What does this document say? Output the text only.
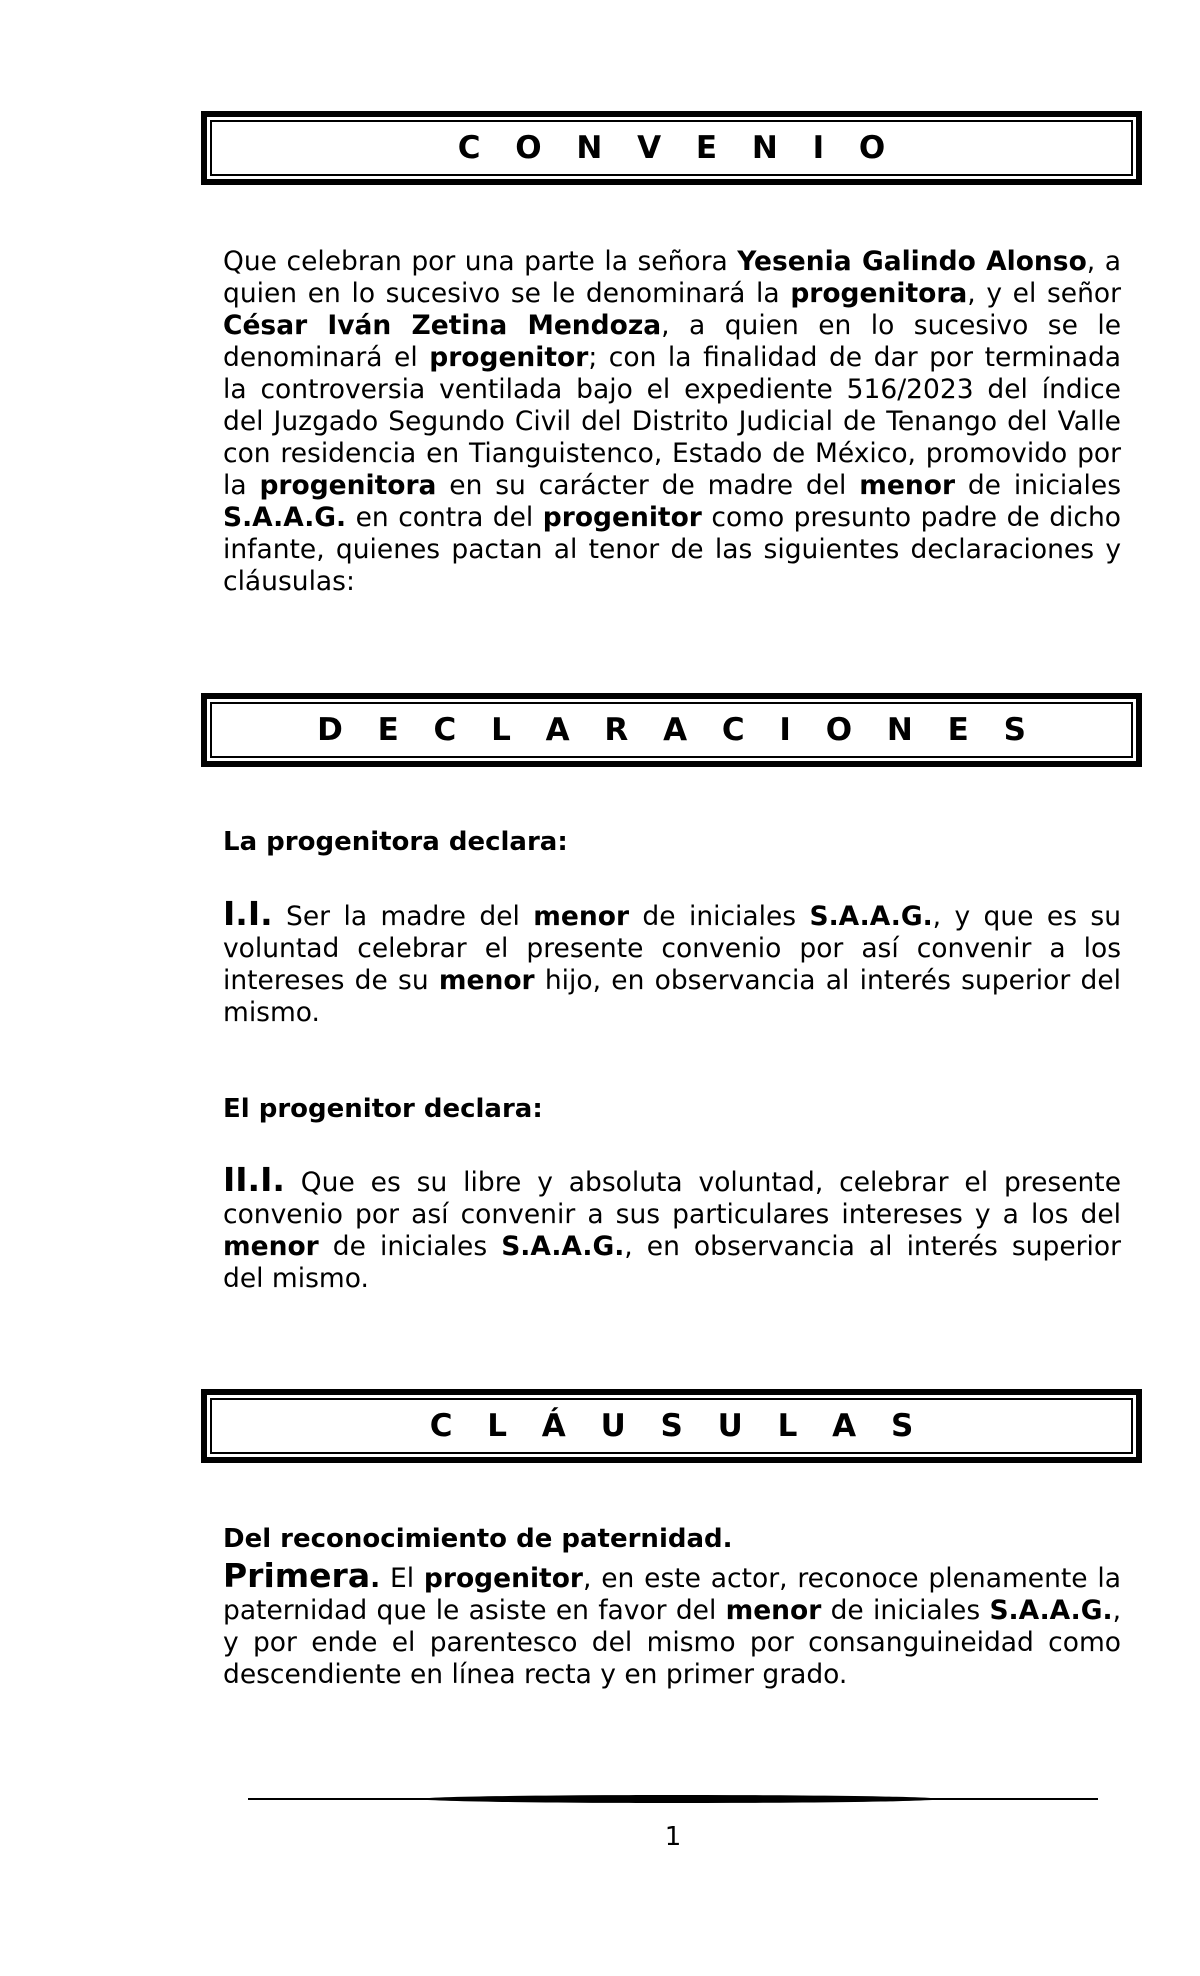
C O N V E N I O

Que celebran por una parte la señora Yesenia Galindo Alonso, a quien en lo sucesivo se le denominará la progenitora, y el señor César Iván Zetina Mendoza, a quien en lo sucesivo se le denominará el progenitor; con la finalidad de dar por terminada la controversia ventilada bajo el expediente 516/2023 del índice del Juzgado Segundo Civil del Distrito Judicial de Tenango del Valle con residencia en Tianguistenco, Estado de México, promovido por la progenitora en su carácter de madre del menor de iniciales S.A.A.G. en contra del progenitor como presunto padre de dicho infante, quienes pactan al tenor de las siguientes declaraciones y cláusulas:

D E C L A R A C I O N E S
La progenitora declara:

I.I. Ser la madre del menor de iniciales S.A.A.G., y que es su voluntad celebrar el presente convenio por así convenir a los intereses de su menor hijo, en observancia al interés superior del mismo.

El progenitor declara:

II.I. Que es su libre y absoluta voluntad, celebrar el presente convenio por así convenir a sus particulares intereses y a los del menor de iniciales S.A.A.G., en observancia al interés superior del mismo.

C L Á U S U L A S
Del reconocimiento de paternidad.

Primera. El progenitor, en este actor, reconoce plenamente la paternidad que le asiste en favor del menor de iniciales S.A.A.G., y por ende el parentesco del mismo por consanguineidad como descendiente en línea recta y en primer grado.

1
